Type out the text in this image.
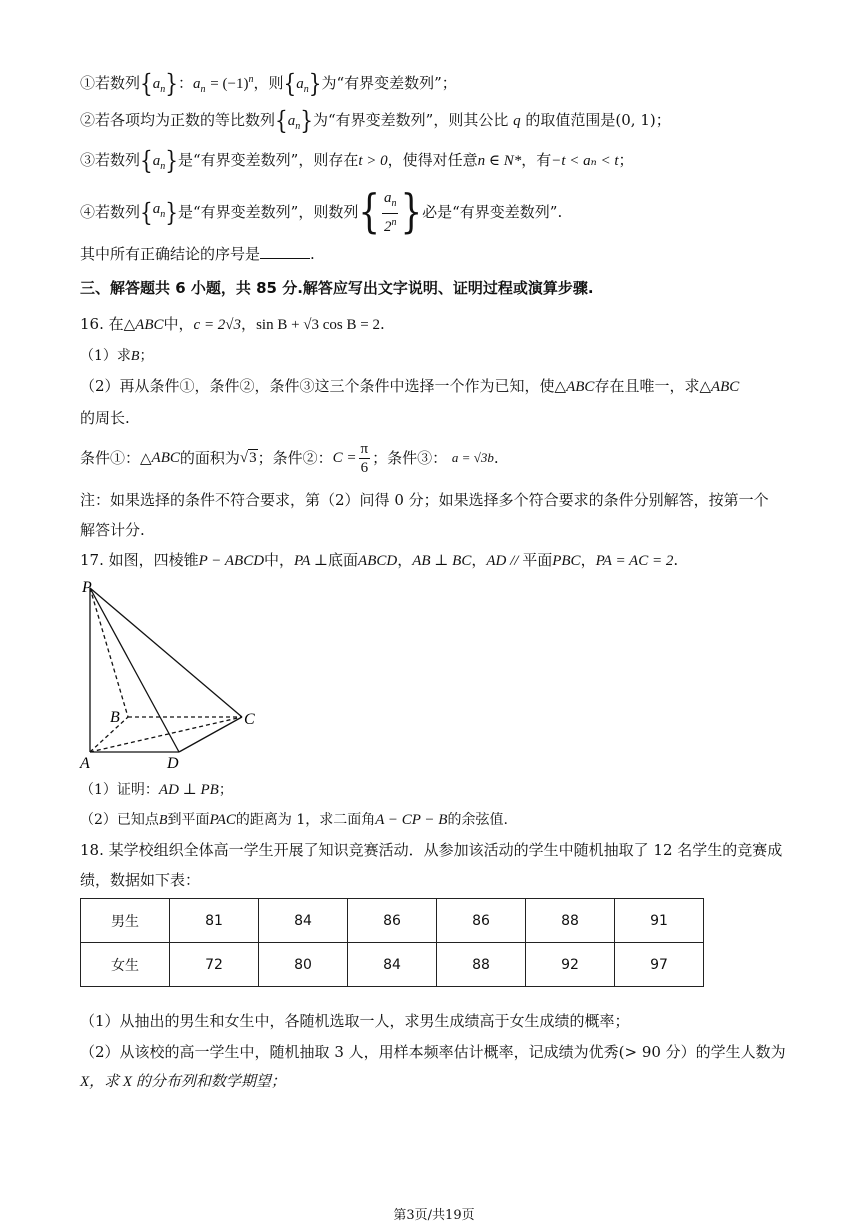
①若数列$\{a_n\}$：$a_n = (-1)^n$，则$\{a_n\}$为“有界变差数列”；
②若各项均为正数的等比数列$\{a_n\}$为“有界变差数列”，则其公比 q 的取值范围是(0, 1)；
③若数列$\{a_n\}$是“有界变差数列”，则存在t > 0，使得对任意n ∈ N*，有−t < aₙ < t；
④若数列 { $a_n$ } 是“有界变差数列”，则数列 { $\frac{a_n}{2^n}$ } 必是“有界变差数列”.
其中所有正确结论的序号是	.
三、解答题共 6 小题，共 85 分.解答应写出文字说明、证明过程或演算步骤.
16. 在△ABC中，c = 2√3，sin B + √3 cos B = 2.
（1）求B；
（2）再从条件①，条件②，条件③这三个条件中选择一个作为已知，使△ABC存在且唯一，求△ABC
的周长.
条件①：△ ABC 的面积为 √3 ；条件②： $C = \frac{\pi}{6}$ ；条件③：
a = √3b .
注：如果选择的条件不符合要求，第（2）问得 0 分；如果选择多个符合要求的条件分别解答，按第一个
解答计分.
17. 如图，四棱锥P − ABCD中，PA ⊥底面ABCD，AB ⊥ BC，AD // 平面PBC，PA = AC = 2.
P
A
B	C
D
（1）证明：AD ⊥ PB；
（2）已知点B到平面PAC的距离为 1，求二面角A − CP − B的余弦值.
18. 某学校组织全体高一学生开展了知识竞赛活动．从参加该活动的学生中随机抽取了 12 名学生的竞赛成
绩，数据如下表：
男生	81	84	86	86	88	91
女生	72	80	84	88	92	97
（1）从抽出的男生和女生中，各随机选取一人，求男生成绩高于女生成绩的概率；
（2）从该校的高一学生中，随机抽取 3 人，用样本频率估计概率，记成绩为优秀(> 90 分）的学生人数为
X，求 X 的分布列和数学期望；
第3页/共19页
